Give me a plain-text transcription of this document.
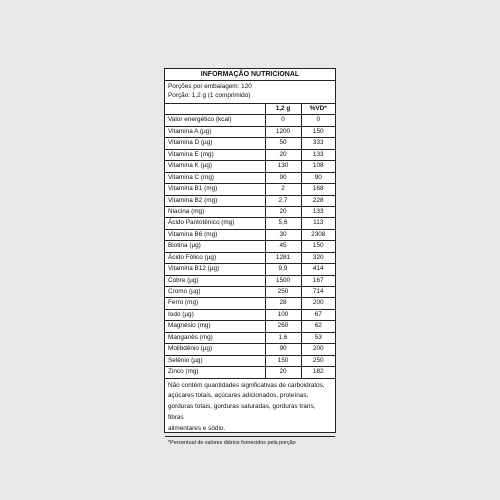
INFORMAÇÃO NUTRICIONAL
Porções por embalagem: 120
Porção: 1,2 g (1 comprimido)
	1,2 g	%VD*
Valor energético (kcal)	0	0
Vitamina A (µg)	1200	150
Vitamina D (µg)	50	333
Vitamina E (mg)	20	133
Vitamina K (µg)	130	108
Vitamina C (mg)	90	90
Vitamina B1 (mg)	2	168
Vitamina B2 (mg)	2,7	228
Niacina (mg)	20	133
Ácido Pantotênico (mg)	5,6	113
Vitamina B6 (mg)	30	2308
Biotina (µg)	45	150
Ácido Fólico (µg)	1281	320
Vitamina B12 (µg)	9,9	414
Cobre (µg)	1500	167
Cromo (µg)	250	714
Ferro (mg)	28	200
Iodo (µg)	100	67
Magnésio (mg)	260	62
Manganês (mg)	1,6	53
Molibdênio (µg)	90	200
Selênio (µg)	150	250
Zinco (mg)	20	182
Não contém quantidades significativas de carboidratos,
açúcares totais, açúcares adicionados, proteínas,
gorduras totais, gorduras saturadas, gorduras trans, fibras
alimentares e sódio.
*Percentual de valores diários fornecidos pela porção
